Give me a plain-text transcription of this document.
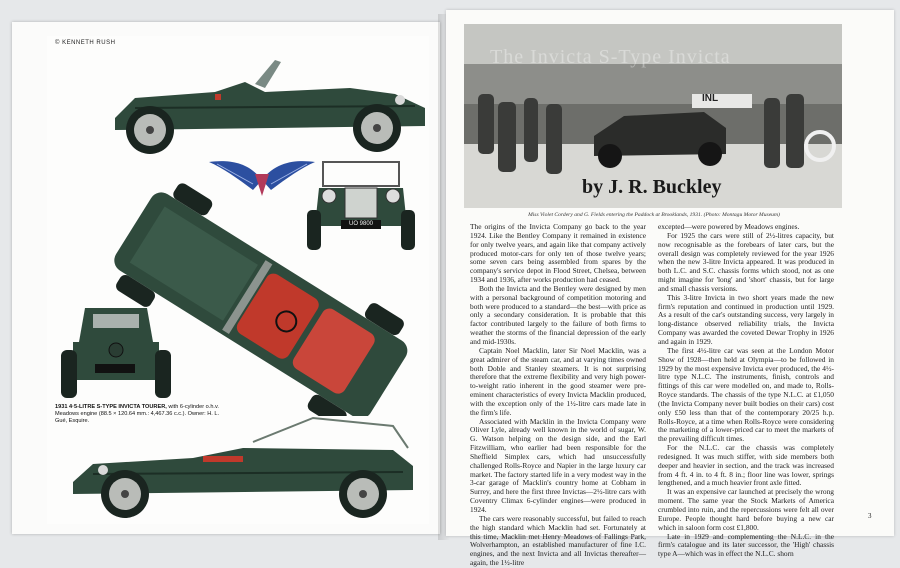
© KENNETH RUSH
UO 9800
1931 4·5-LITRE S-TYPE INVICTA TOURER, with 6-cylinder o.h.v. Meadows engine (88.5 × 120.64 mm.: 4,467.36 c.c.). Owner: H. L. Gué, Esquire.
The Invicta S-Type Invicta
INL
by J. R. Buckley
Miss Violet Cordery and G. Fields entering the Paddock at Brooklands, 1931. (Photo: Montagu Motor Museum)

The origins of the Invicta Company go back to the year 1924. Like the Bentley Company it remained in existence for only twelve years, and again like that company actively produced motor-cars for only ten of those twelve years; some seven cars being assembled from spares by the company's service depot in Flood Street, Chelsea, between 1934 and 1936, after works production had ceased.

Both the Invicta and the Bentley were designed by men with a personal background of competition motoring and both were produced to a standard—the best—with price as only a secondary consideration. It is probable that this factor contributed largely to the failure of both firms to weather the storms of the financial depression of the early and mid-1930s.

Captain Noel Macklin, later Sir Noel Macklin, was a great admirer of the steam car, and at varying times owned both Doble and Stanley steamers. It is not surprising therefore that the extreme flexibility and very high power-to-weight ratio inherent in the good steamer were pre-eminent characteristics of every Invicta Macklin produced, with the exception only of the 1½-litre cars made late in the firm's life.

Associated with Macklin in the Invicta Company were Oliver Lyle, already well known in the world of sugar, W. G. Watson helping on the design side, and the Earl Fitzwilliam, who earlier had been responsible for the Sheffield Simplex cars, which had unsuccessfully challenged Rolls-Royce and Napier in the large luxury car market. The factory started life in a very modest way in the 3-car garage of Macklin's country home at Cobham in Surrey, and here the first three Invictas—2½-litre cars with Coventry Climax 6-cylinder engines—were produced in 1924.

The cars were reasonably successful, but failed to reach the high standard which Macklin had set. Fortunately at this time, Macklin met Henry Meadows of Fallings Park, Wolverhampton, an established manufacturer of fine I.C. engines, and the next Invicta and all Invictas thereafter—again, the 1½-litre

excepted—were powered by Meadows engines.

For 1925 the cars were still of 2½-litres capacity, but now recognisable as the forebears of later cars, but the overall design was completely reviewed for the year 1926 when the new 3-litre Invicta appeared. It was produced in both L.C. and S.C. chassis forms which stood, not as one might imagine for 'long' and 'short' chassis, but for large and small chassis versions.

This 3-litre Invicta in two short years made the new firm's reputation and continued in production until 1929. As a result of the car's outstanding success, very largely in long-distance observed reliability trials, the Invicta Company was awarded the coveted Dewar Trophy in 1926 and again in 1929.

The first 4½-litre car was seen at the London Motor Show of 1928—then held at Olympia—to be followed in 1929 by the most expensive Invicta ever produced, the 4½-litre type N.L.C. The instruments, finish, controls and fittings of this car were modelled on, and made to, Rolls-Royce standards. The chassis of the type N.L.C. at £1,050 (the Invicta Company never built bodies on their cars) cost only £50 less than that of the contemporary 20/25 h.p. Rolls-Royce, at a time when Rolls-Royce were considering the marketing of a lower-priced car to meet the markets of the prevailing difficult times.

For the N.L.C. car the chassis was completely redesigned. It was much stiffer, with side members both deeper and heavier in section, and the track was increased from 4 ft. 4 in. to 4 ft. 8 in.; floor line was lower, springs lengthened, and a much heavier front axle fitted.

It was an expensive car launched at precisely the wrong moment. The same year the Stock Markets of America crumbled into ruin, and the repercussions were felt all over Europe. People thought hard before buying a new car which in saloon form cost £1,800.

Late in 1929 and complementing the N.L.C. in the firm's catalogue and its later successor, the 'High' chassis type A—which was in effect the N.L.C. shorn

3
